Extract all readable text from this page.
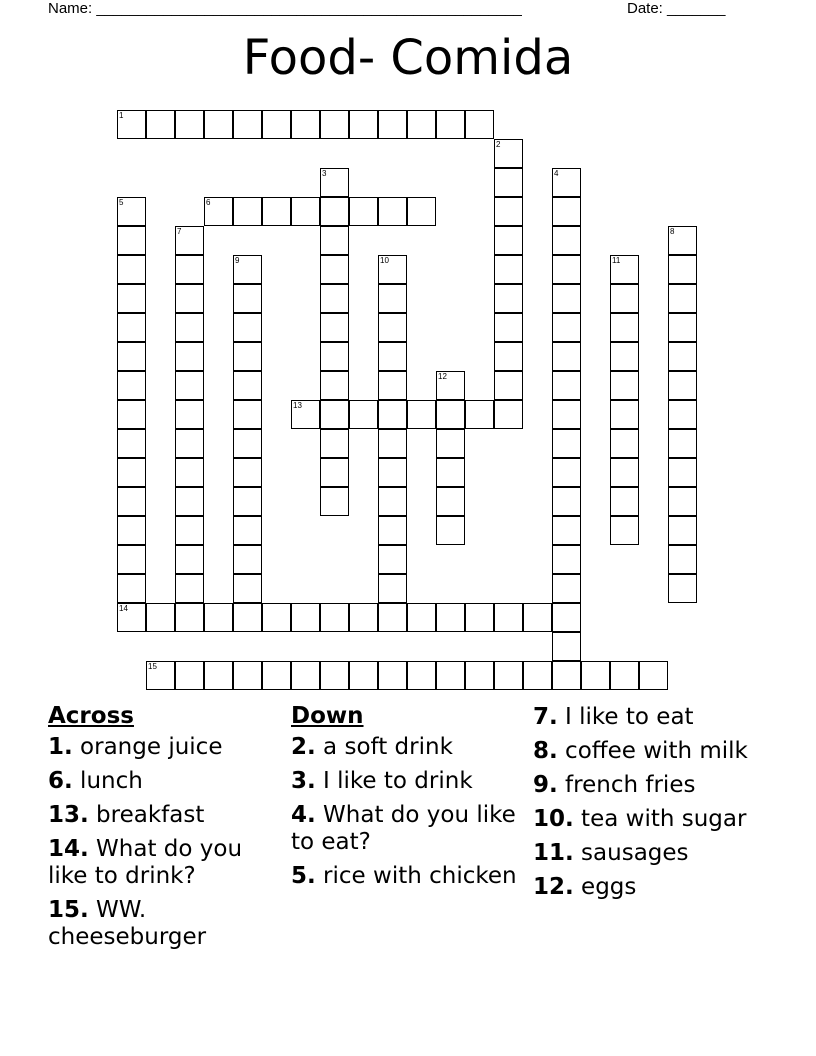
Name: ___________________________________________________	Date: _______
Food- Comida
1
2
3	4
5	6
7	8
9	10	11
12
13
14
15
Across
1. orange juice
6. lunch
13. breakfast
14. What do you like to drink?
15. WW. cheeseburger
Down
2. a soft drink
3. I like to drink
4. What do you like to eat?
5. rice with chicken
7. I like to eat
8. coffee with milk
9. french fries
10. tea with sugar
11. sausages
12. eggs
